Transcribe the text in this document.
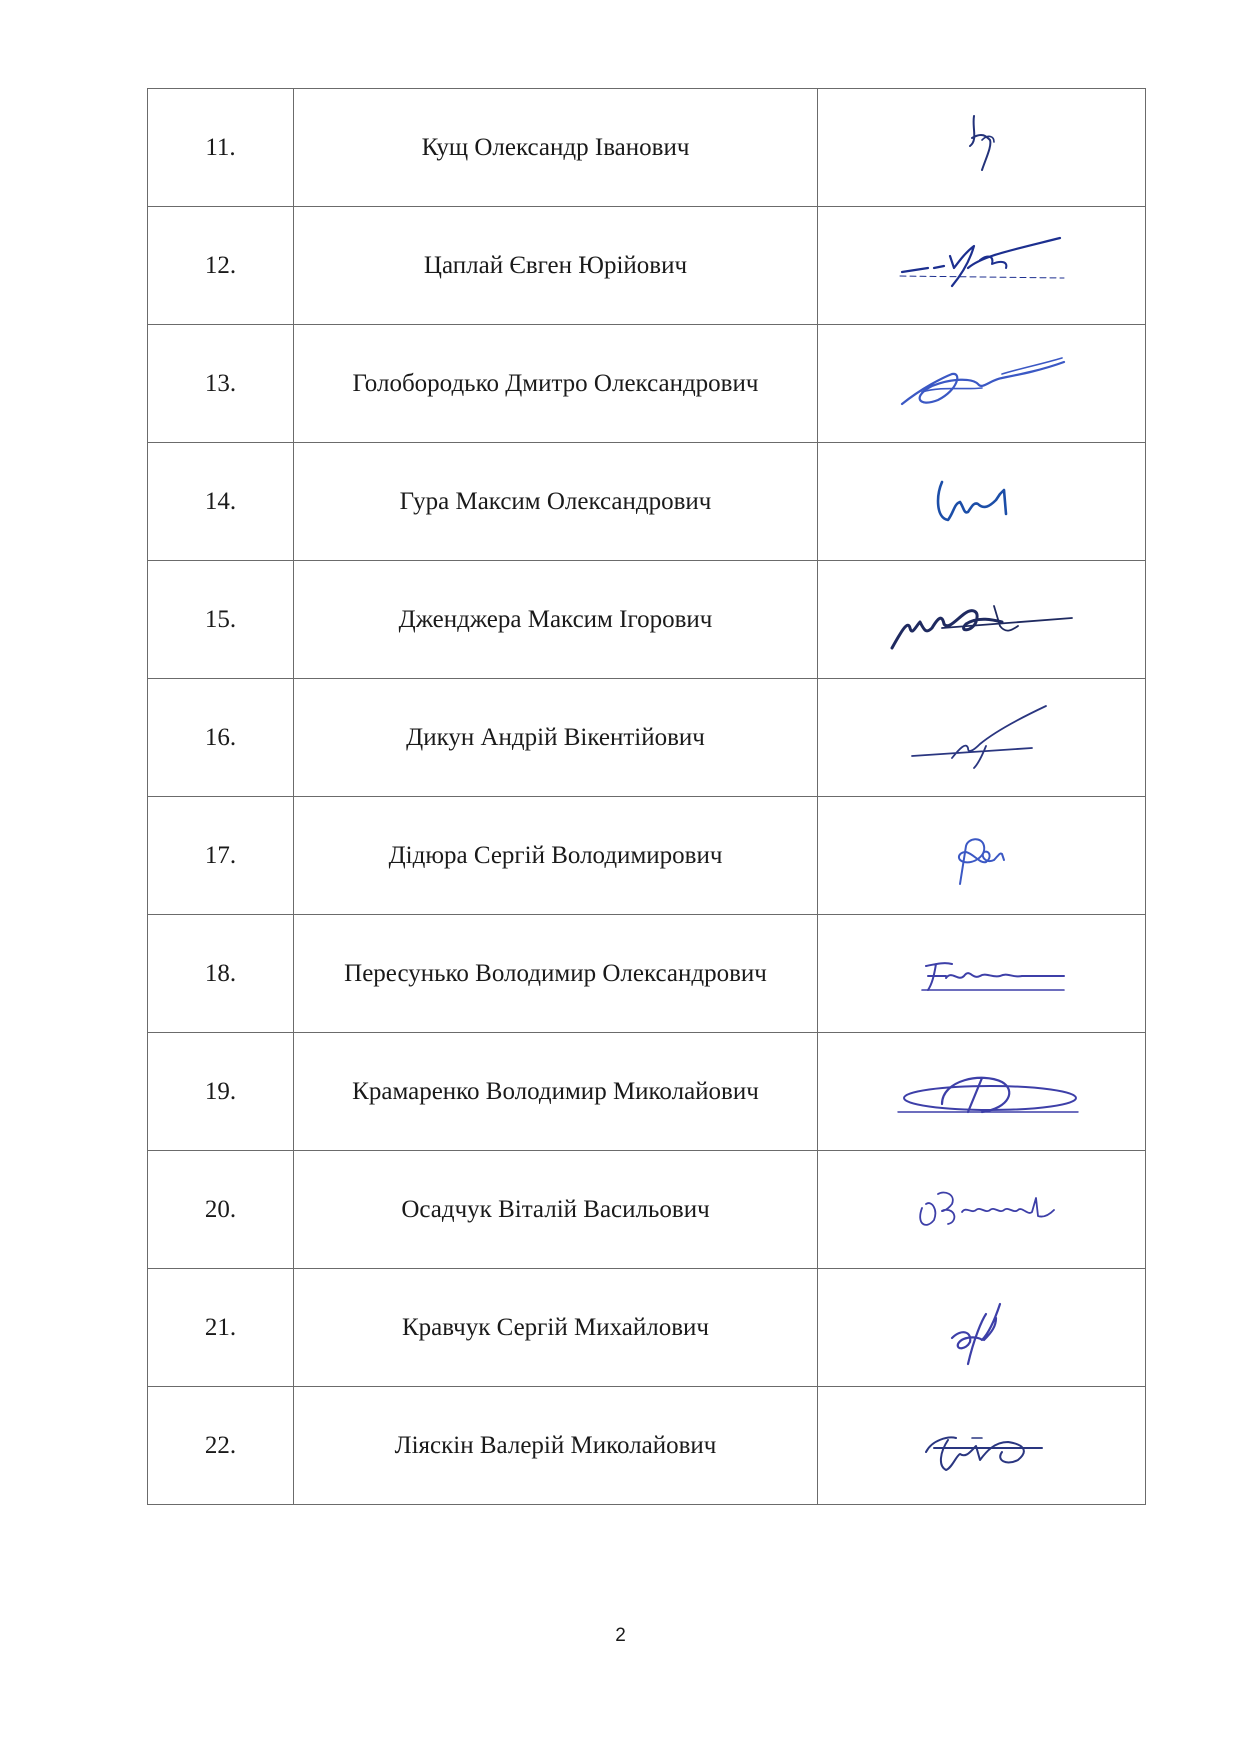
11.	Кущ Олександр Іванович	

12.	Цаплай Євген Юрійович	

13.	Голобородько Дмитро Олександрович	

14.	Гура Максим Олександрович	

15.	Дженджера Максим Ігорович	

16.	Дикун Андрій Вікентійович	

17.	Дідюра Сергій Володимирович	

18.	Пересунько Володимир Олександрович	

19.	Крамаренко Володимир Миколайович	

20.	Осадчук Віталій Васильович	

21.	Кравчук Сергій Михайлович	

22.	Ліяскін Валерій Миколайович	
2
